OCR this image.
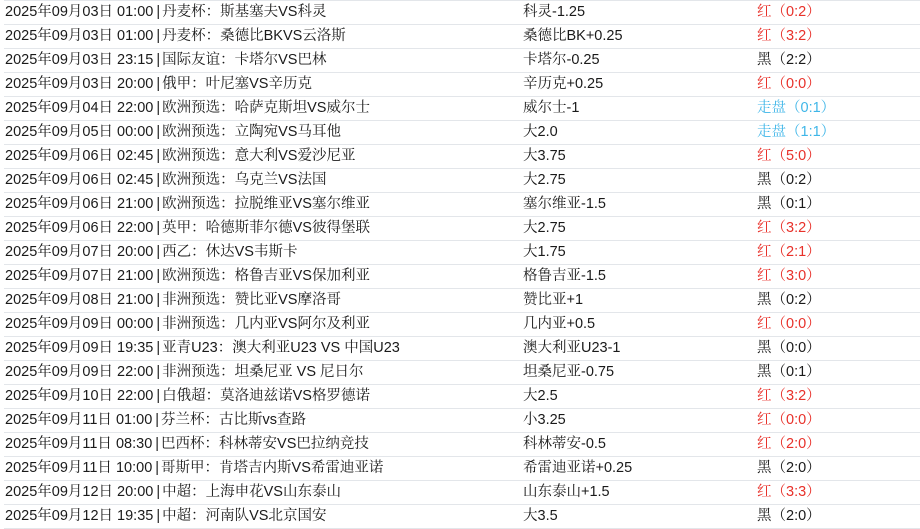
2025年09月03日 01:00 | 丹麦杯：斯基塞夫VS科灵	科灵-1.25	红（0:2）
2025年09月03日 01:00 | 丹麦杯：桑德比BKVS云洛斯	桑德比BK+0.25	红（3:2）
2025年09月03日 23:15 | 国际友谊：卡塔尔VS巴林	卡塔尔-0.25	黑（2:2）
2025年09月03日 20:00 | 俄甲：叶尼塞VS辛历克	辛历克+0.25	红（0:0）
2025年09月04日 22:00 | 欧洲预选：哈萨克斯坦VS威尔士	威尔士-1	走盘（0:1）
2025年09月05日 00:00 | 欧洲预选：立陶宛VS马耳他	大2.0	走盘（1:1）
2025年09月06日 02:45 | 欧洲预选：意大利VS爱沙尼亚	大3.75	红（5:0）
2025年09月06日 02:45 | 欧洲预选：乌克兰VS法国	大2.75	黑（0:2）
2025年09月06日 21:00 | 欧洲预选：拉脱维亚VS塞尔维亚	塞尔维亚-1.5	黑（0:1）
2025年09月06日 22:00 | 英甲：哈德斯菲尔德VS彼得堡联	大2.75	红（3:2）
2025年09月07日 20:00 | 西乙：休达VS韦斯卡	大1.75	红（2:1）
2025年09月07日 21:00 | 欧洲预选：格鲁吉亚VS保加利亚	格鲁吉亚-1.5	红（3:0）
2025年09月08日 21:00 | 非洲预选：赞比亚VS摩洛哥	赞比亚+1	黑（0:2）
2025年09月09日 00:00 | 非洲预选：几内亚VS阿尔及利亚	几内亚+0.5	红（0:0）
2025年09月09日 19:35 | 亚青U23：澳大利亚U23 VS 中国U23	澳大利亚U23-1	黑（0:0）
2025年09月09日 22:00 | 非洲预选：坦桑尼亚 VS 尼日尔	坦桑尼亚-0.75	黑（0:1）
2025年09月10日 22:00 | 白俄超：莫洛迪兹诺VS格罗德诺	大2.5	红（3:2）
2025年09月11日 01:00 | 芬兰杯：古比斯vs查路	小3.25	红（0:0）
2025年09月11日 08:30 | 巴西杯：科林蒂安VS巴拉纳竞技	科林蒂安-0.5	红（2:0）
2025年09月11日 10:00 | 哥斯甲：肯塔吉内斯VS希雷迪亚诺	希雷迪亚诺+0.25	黑（2:0）
2025年09月12日 20:00 | 中超：上海申花VS山东泰山	山东泰山+1.5	红（3:3）
2025年09月12日 19:35 | 中超：河南队VS北京国安	大3.5	黑（2:0）
